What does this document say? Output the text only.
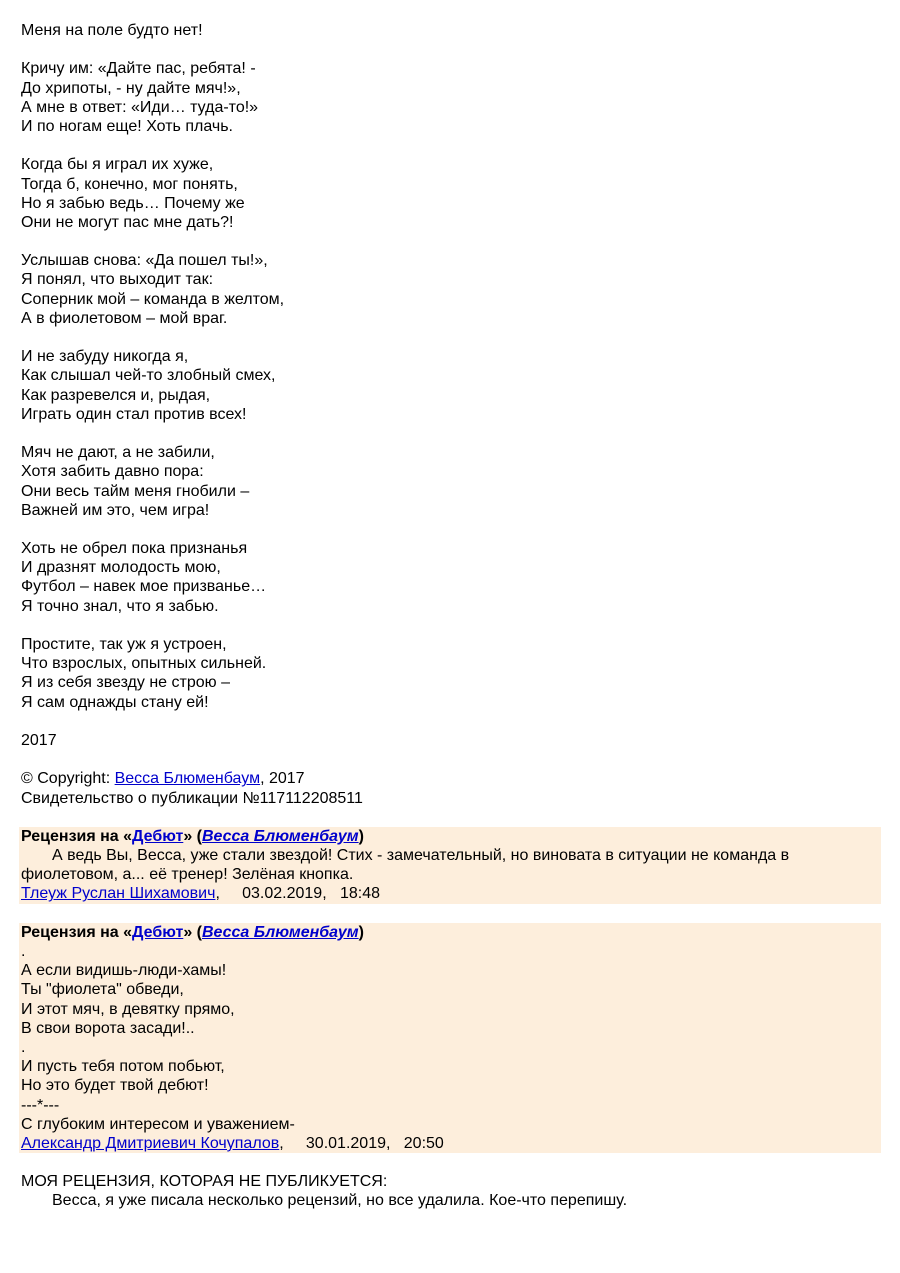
Меня на поле будто нет!
Кричу им: «Дайте пас, ребята! -
До хрипоты, - ну дайте мяч!»,
А мне в ответ: «Иди… туда-то!»
И по ногам еще! Хоть плачь.
Когда бы я играл их хуже,
Тогда б, конечно, мог понять,
Но я забью ведь… Почему же
Они не могут пас мне дать?!
Услышав снова: «Да пошел ты!»,
Я понял, что выходит так:
Соперник мой – команда в желтом,
А в фиолетовом – мой враг.
И не забуду никогда я,
Как слышал чей-то злобный смех,
Как разревелся и, рыдая,
Играть один стал против всех!
Мяч не дают, а не забили,
Хотя забить давно пора:
Они весь тайм меня гнобили –
Важней им это, чем игра!
Хоть не обрел пока признанья
И дразнят молодость мою,
Футбол – навек мое призванье…
Я точно знал, что я забью.
Простите, так уж я устроен,
Что взрослых, опытных сильней.
Я из себя звезду не строю –
Я сам однажды стану ей!
2017
© Copyright: Весса Блюменбаум, 2017
Свидетельство о публикации №117112208511
Рецензия на «Дебют» (Весса Блюменбаум)
А ведь Вы, Весса, уже стали звездой! Стих - замечательный, но виновата в ситуации не команда в фиолетовом, а... её тренер! Зелёная кнопка.
Тлеуж Руслан Шихамович,     03.02.2019,   18:48
Рецензия на «Дебют» (Весса Блюменбаум)
.
А если видишь-люди-хамы!
Ты "фиолета" обведи,
И этот мяч, в девятку прямо,
В свои ворота засади!..
.
И пусть тебя потом побьют,
Но это будет твой дебют!
---*---
С глубоким интересом и уважением-
Александр Дмитриевич Кочупалов,     30.01.2019,   20:50
МОЯ РЕЦЕНЗИЯ, КОТОРАЯ НЕ ПУБЛИКУЕТСЯ:
Весса, я уже писала несколько рецензий, но все удалила. Кое-что перепишу.
